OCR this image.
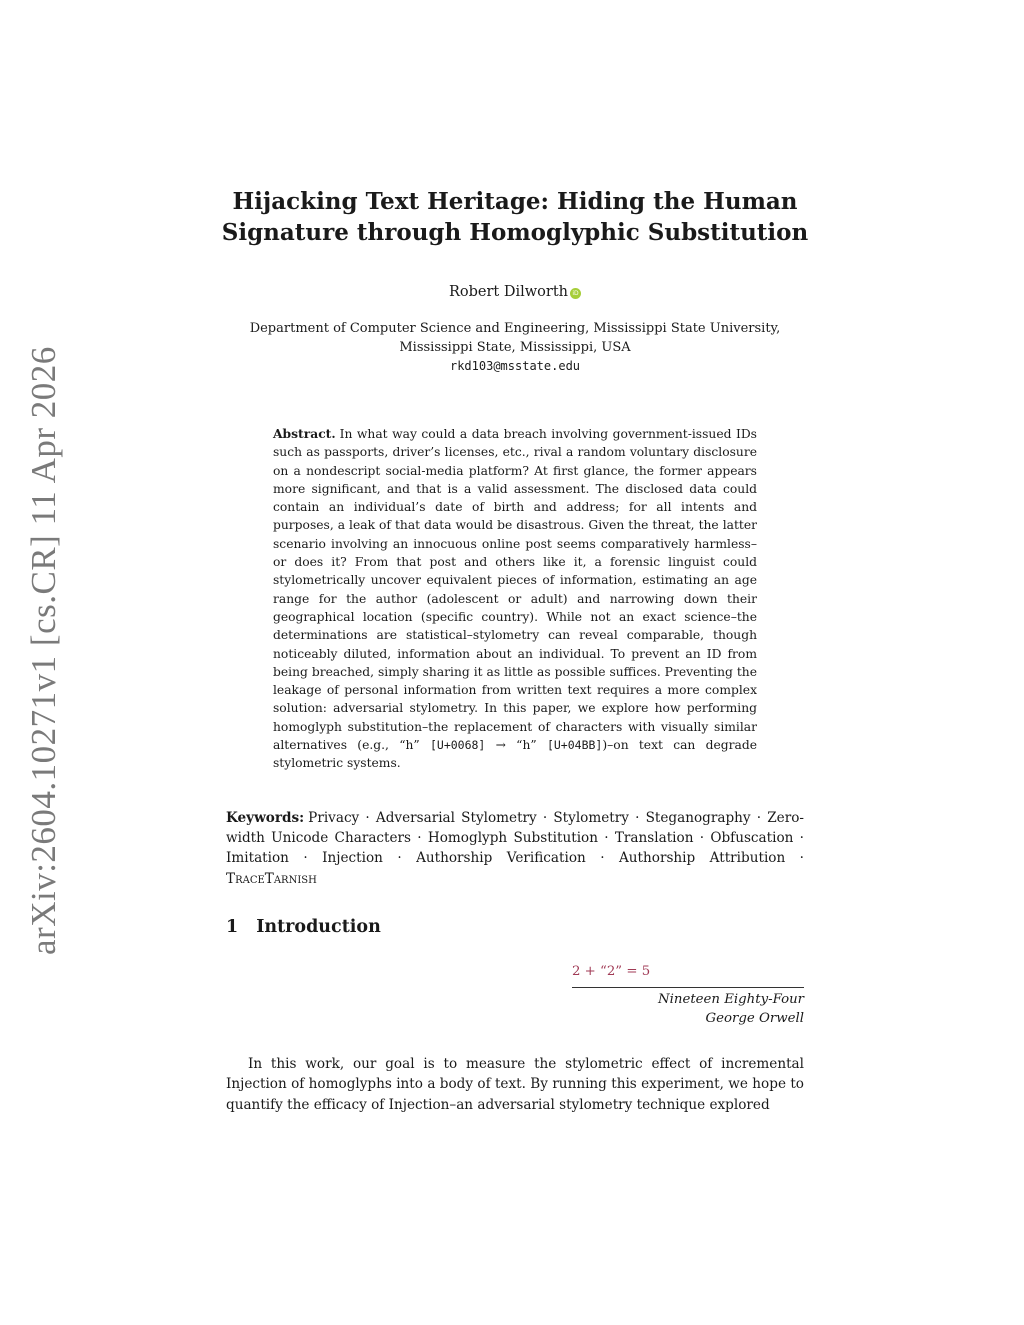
arXiv:2604.10271v1 [cs.CR] 11 Apr 2026
Hijacking Text Heritage: Hiding the Human
Signature through Homoglyphic Substitution
Robert Dilworth iD
Department of Computer Science and Engineering, Mississippi State University,
Mississippi State, Mississippi, USA
rkd103@msstate.edu
Abstract. In what way could a data breach involving government-issued IDs such as passports, driver’s licenses, etc., rival a random voluntary disclosure on a nondescript social-media platform? At first glance, the former appears more significant, and that is a valid assessment. The disclosed data could contain an individual’s date of birth and address; for all intents and purposes, a leak of that data would be disastrous. Given the threat, the latter scenario involving an innocuous online post seems comparatively harmless–or does it? From that post and others like it, a forensic linguist could stylometrically uncover equivalent pieces of information, estimating an age range for the author (adolescent or adult) and narrowing down their geographical location (specific country). While not an exact science–the determinations are statistical–stylometry can reveal comparable, though noticeably diluted, information about an individual. To prevent an ID from being breached, simply sharing it as little as possible suffices. Preventing the leakage of personal information from written text requires a more complex solution: adversarial stylometry. In this paper, we explore how performing homoglyph substitution–the replacement of characters with visually similar alternatives (e.g., “h” [U+0068] → “h” [U+04BB])–on text can degrade stylometric systems.
Keywords: Privacy · Adversarial Stylometry · Stylometry · Steganography · Zero-width Unicode Characters · Homoglyph Substitution · Translation · Obfuscation · Imitation · Injection · Authorship Verification · Authorship Attribution · TraceTarnish
1 Introduction
2 + “2” = 5
Nineteen Eighty-Four
George Orwell
In this work, our goal is to measure the stylometric effect of incremental Injection of homoglyphs into a body of text. By running this experiment, we hope to quantify the efficacy of Injection–an adversarial stylometry technique explored
